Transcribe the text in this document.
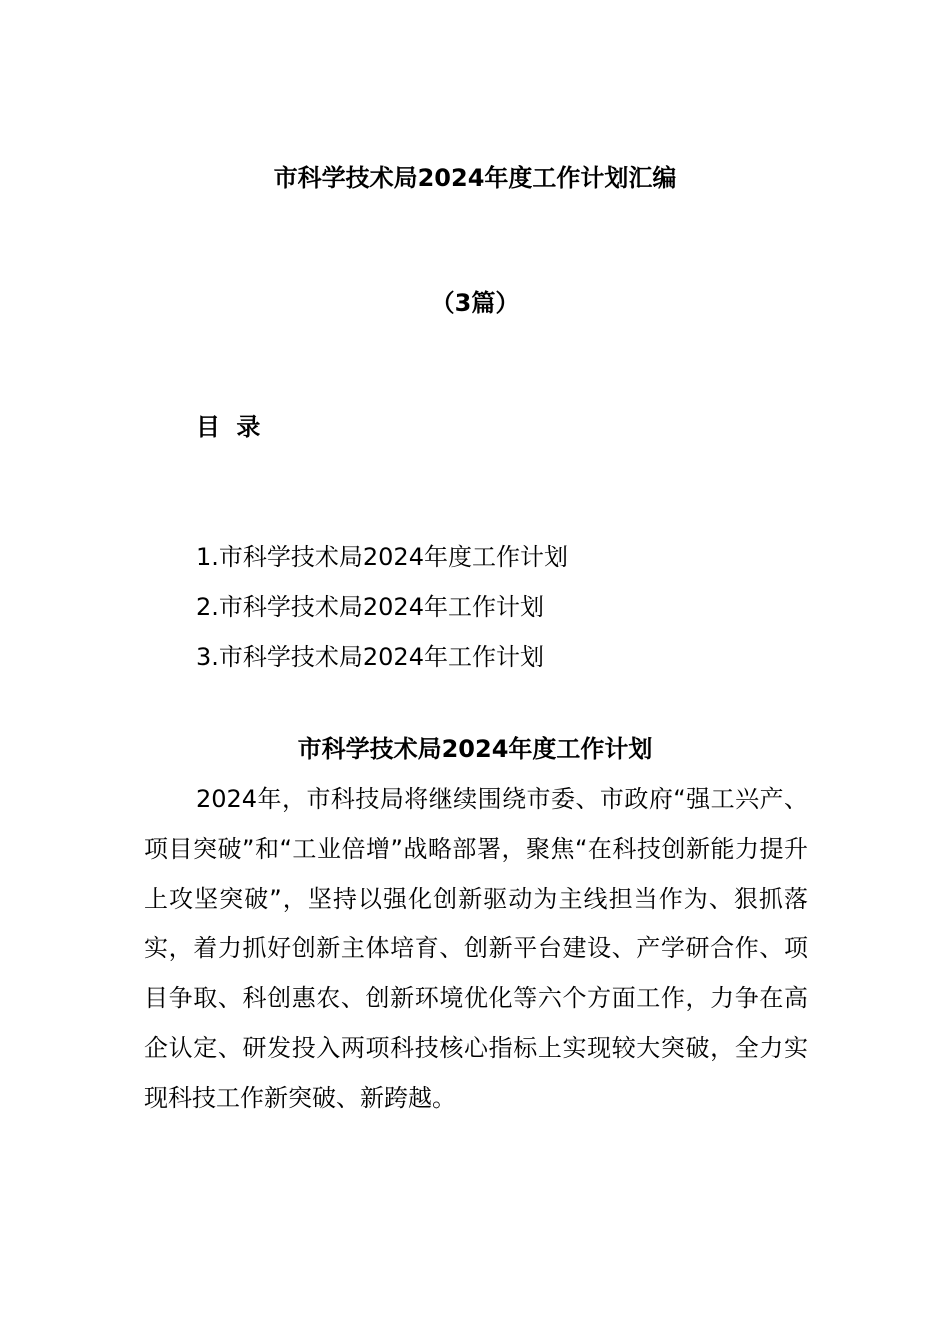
市科学技术局2024年度工作计划汇编
（3篇）
目 录
1.市科学技术局2024年度工作计划
2.市科学技术局2024年工作计划
3.市科学技术局2024年工作计划
市科学技术局2024年度工作计划

2024年，市科技局将继续围绕市委、市政府“强工兴产、项目突破”和“工业倍增”战略部署，聚焦“在科技创新能力提升上攻坚突破”，坚持以强化创新驱动为主线担当作为、狠抓落实，着力抓好创新主体培育、创新平台建设、产学研合作、项目争取、科创惠农、创新环境优化等六个方面工作，力争在高企认定、研发投入两项科技核心指标上实现较大突破，全力实现科技工作新突破、新跨越。
